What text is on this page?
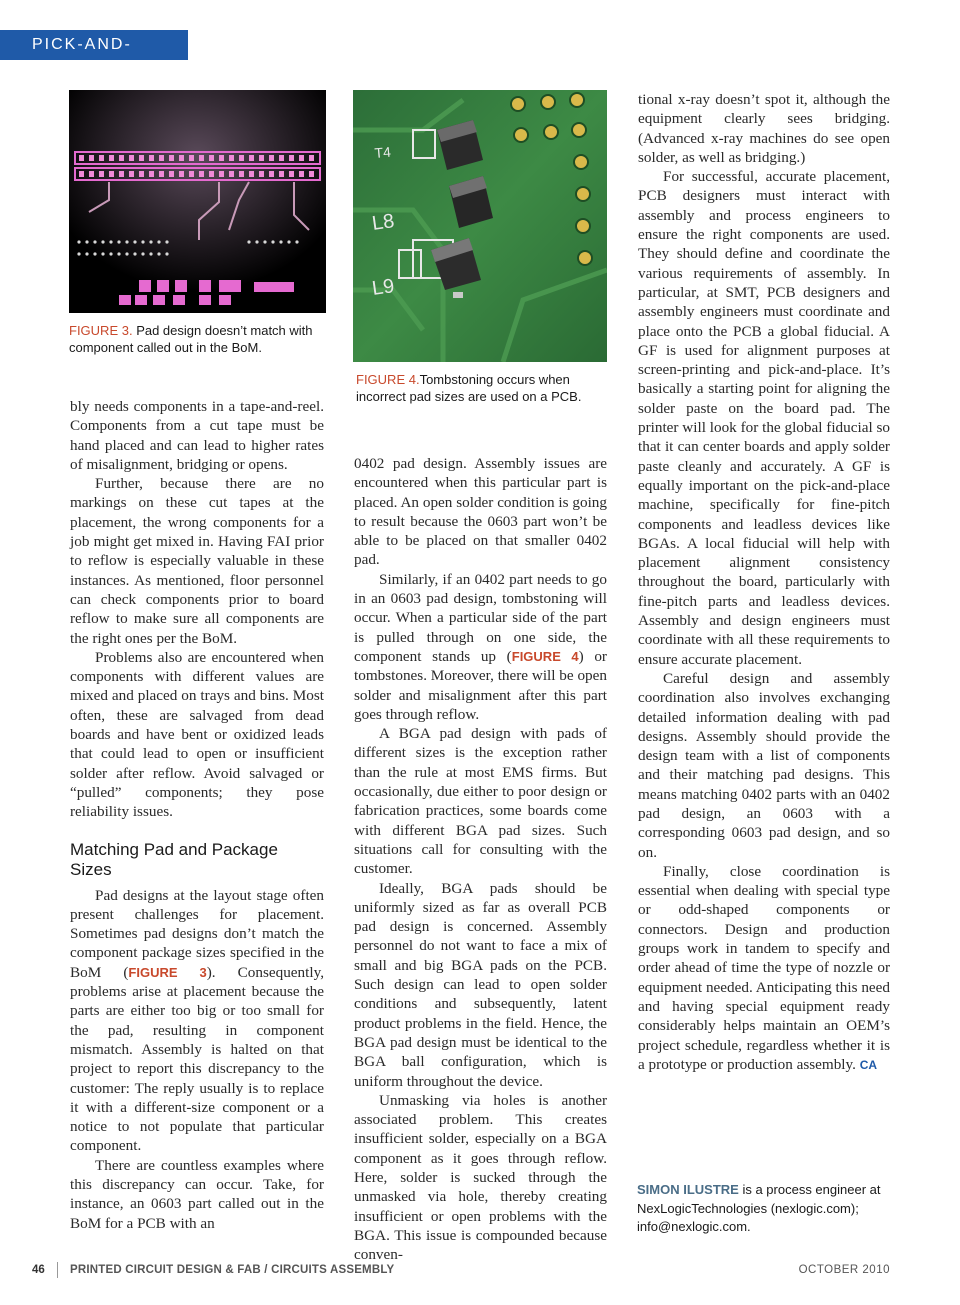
PICK-AND-PLACE
FIGURE 3. Pad design doesn’t match with component called out in the BoM.
T4
L8
L9
FIGURE 4.Tombstoning occurs when incorrect pad sizes are used on a PCB.

bly needs components in a tape-and-reel. Components from a cut tape must be hand placed and can lead to higher rates of misalignment, bridging or opens.

Further, because there are no markings on these cut tapes at the placement, the wrong components for a job might get mixed in. Having FAI prior to reflow is especially valuable in these instances. As mentioned, floor personnel can check components prior to board reflow to make sure all components are the right ones per the BoM.

Problems also are encountered when components with different values are mixed and placed on trays and bins. Most often, these are salvaged from dead boards and have bent or oxidized leads that could lead to open or insufficient solder after reflow. Avoid salvaged or “pulled” components; they pose reliability issues.

Matching Pad and Package Sizes

Pad designs at the layout stage often present challenges for placement. Sometimes pad designs don’t match the component package sizes specified in the BoM (FIGURE 3). Consequently, problems arise at placement because the parts are either too big or too small for the pad, resulting in component mismatch. Assembly is halted on that project to report this discrepancy to the customer: The reply usually is to replace it with a different-size component or a notice to not populate that particular component.

There are countless examples where this discrepancy can occur. Take, for instance, an 0603 part called out in the BoM for a PCB with an

0402 pad design. Assembly issues are encountered when this particular part is placed. An open solder condition is going to result because the 0603 part won’t be able to be placed on that smaller 0402 pad.

Similarly, if an 0402 part needs to go in an 0603 pad design, tombstoning will occur. When a particular side of the part is pulled through on one side, the component stands up (FIGURE 4) or tombstones. Moreover, there will be open solder and misalignment after this part goes through reflow.

A BGA pad design with pads of different sizes is the exception rather than the rule at most EMS firms. But occasionally, due either to poor design or fabrication practices, some boards come with different BGA pad sizes. Such situations call for consulting with the customer.

Ideally, BGA pads should be uniformly sized as far as overall PCB pad design is concerned. Assembly personnel do not want to face a mix of small and big BGA pads on the PCB. Such design can lead to open solder conditions and subsequently, latent product problems in the field. Hence, the BGA pad design must be identical to the BGA ball configuration, which is uniform throughout the device.

Unmasking via holes is another associated problem. This creates insufficient solder, especially on a BGA component as it goes through reflow. Here, solder is sucked through the unmasked via hole, thereby creating insufficient or open problems with the BGA. This issue is compounded because conven-

tional x-ray doesn’t spot it, although the equipment clearly sees bridging. (Advanced x-ray machines do see open solder, as well as bridging.)

For successful, accurate placement, PCB designers must interact with assembly and process engineers to ensure the right components are used. They should define and coordinate the various requirements of assembly. In particular, at SMT, PCB designers and assembly engineers must coordinate and place onto the PCB a global fiducial. A GF is used for alignment purposes at screen-printing and pick-and-place. It’s basically a starting point for aligning the solder paste on the board pad. The printer will look for the global fiducial so that it can center boards and apply solder paste cleanly and accurately. A GF is equally important on the pick-and-place machine, specifically for fine-pitch components and leadless devices like BGAs. A local fiducial will help with placement alignment consistency throughout the board, particularly with fine-pitch parts and leadless devices. Assembly and design engineers must coordinate with all these requirements to ensure accurate placement.

Careful design and assembly coordination also involves exchanging detailed information dealing with pad designs. Assembly should provide the design team with a list of components and their matching pad designs. This means matching 0402 parts with an 0402 pad design, an 0603 with a corresponding 0603 pad design, and so on.

Finally, close coordination is essential when dealing with special type or odd-shaped components or connectors. Design and production groups work in tandem to specify and order ahead of time the type of nozzle or equipment needed. Anticipating this need and having special equipment ready considerably helps maintain an OEM’s project schedule, regardless whether it is a prototype or production assembly. CA

SIMON ILUSTRE is a process engineer at NexLogicTechnologies (nexlogic.com); info@nexlogic.com.
46 PRINTED CIRCUIT DESIGN & FAB / CIRCUITS ASSEMBLY	OCTOBER 2010
